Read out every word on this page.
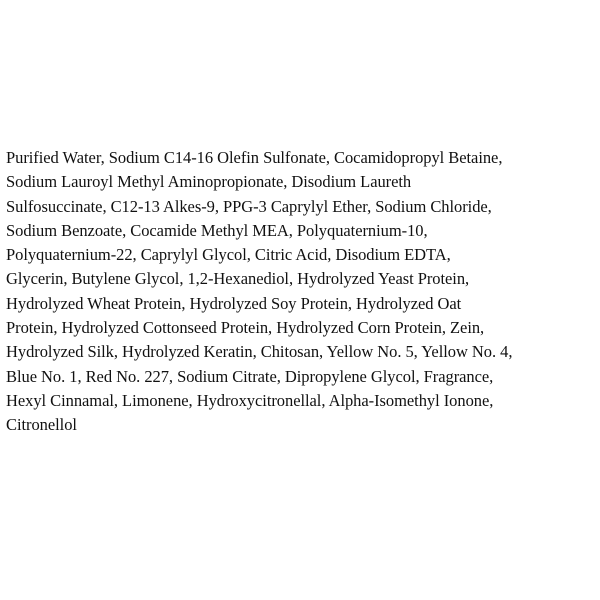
Purified Water, Sodium C14-16 Olefin Sulfonate, Cocamidopropyl Betaine,
Sodium Lauroyl Methyl Aminopropionate, Disodium Laureth
Sulfosuccinate, C12-13 Alkes-9, PPG-3 Caprylyl Ether, Sodium Chloride,
Sodium Benzoate, Cocamide Methyl MEA, Polyquaternium-10,
Polyquaternium-22, Caprylyl Glycol, Citric Acid, Disodium EDTA,
Glycerin, Butylene Glycol, 1,2-Hexanediol, Hydrolyzed Yeast Protein,
Hydrolyzed Wheat Protein, Hydrolyzed Soy Protein, Hydrolyzed Oat
Protein, Hydrolyzed Cottonseed Protein, Hydrolyzed Corn Protein, Zein,
Hydrolyzed Silk, Hydrolyzed Keratin, Chitosan, Yellow No. 5, Yellow No. 4,
Blue No. 1, Red No. 227, Sodium Citrate, Dipropylene Glycol, Fragrance,
Hexyl Cinnamal, Limonene, Hydroxycitronellal, Alpha-Isomethyl Ionone,
Citronellol
